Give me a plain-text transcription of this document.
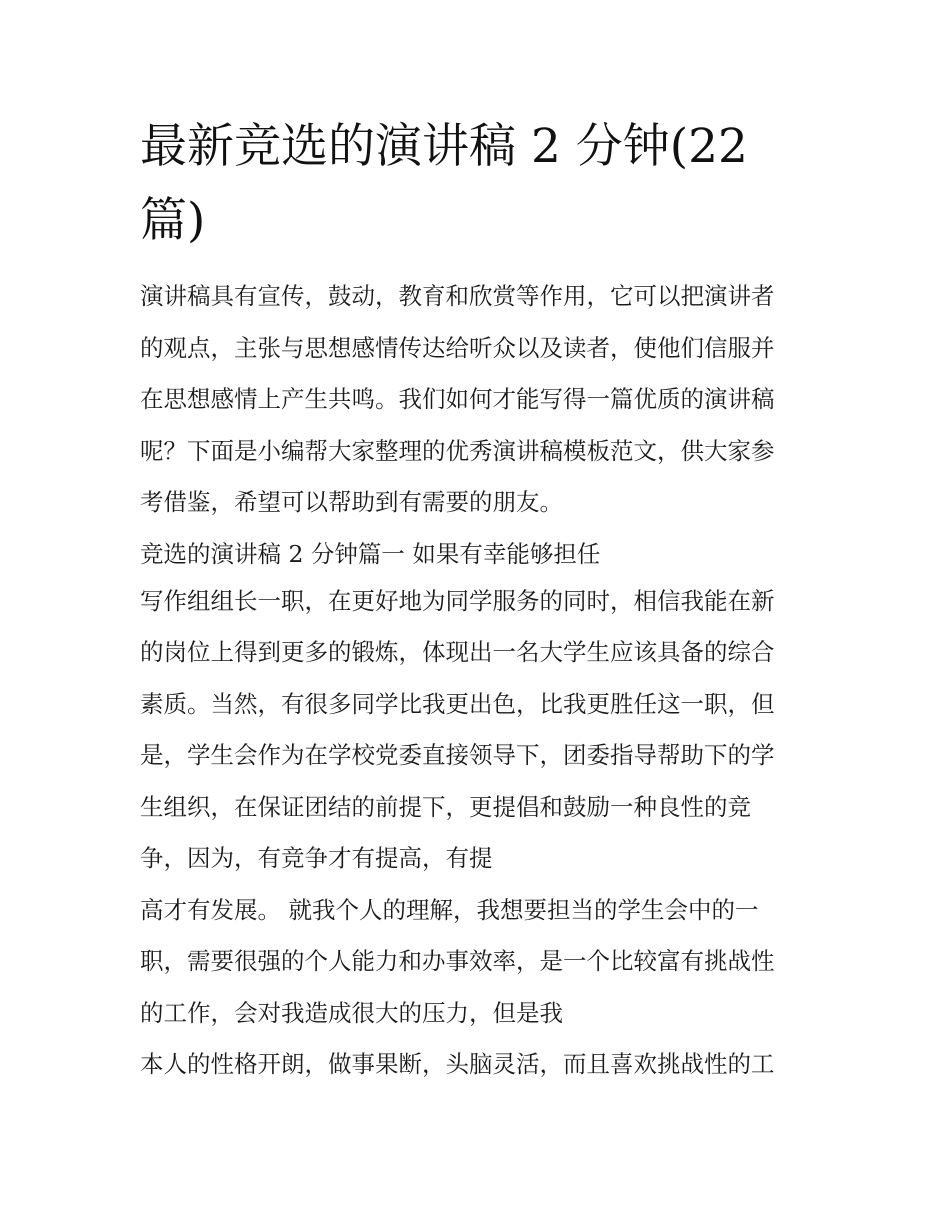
最新竞选的演讲稿 2 分钟(22
篇)
演讲稿具有宣传，鼓动，教育和欣赏等作用，它可以把演讲者
的观点，主张与思想感情传达给听众以及读者，使他们信服并
在思想感情上产生共鸣。我们如何才能写得一篇优质的演讲稿
呢？下面是小编帮大家整理的优秀演讲稿模板范文，供大家参
考借鉴，希望可以帮助到有需要的朋友。
竞选的演讲稿 2 分钟篇一 如果有幸能够担任
写作组组长一职，在更好地为同学服务的同时，相信我能在新
的岗位上得到更多的锻炼，体现出一名大学生应该具备的综合
素质。当然，有很多同学比我更出色，比我更胜任这一职，但
是，学生会作为在学校党委直接领导下，团委指导帮助下的学
生组织，在保证团结的前提下，更提倡和鼓励一种良性的竞
争，因为，有竞争才有提高，有提
高才有发展。 就我个人的理解，我想要担当的学生会中的一
职，需要很强的个人能力和办事效率，是一个比较富有挑战性
的工作，会对我造成很大的压力，但是我
本人的性格开朗，做事果断，头脑灵活，而且喜欢挑战性的工
